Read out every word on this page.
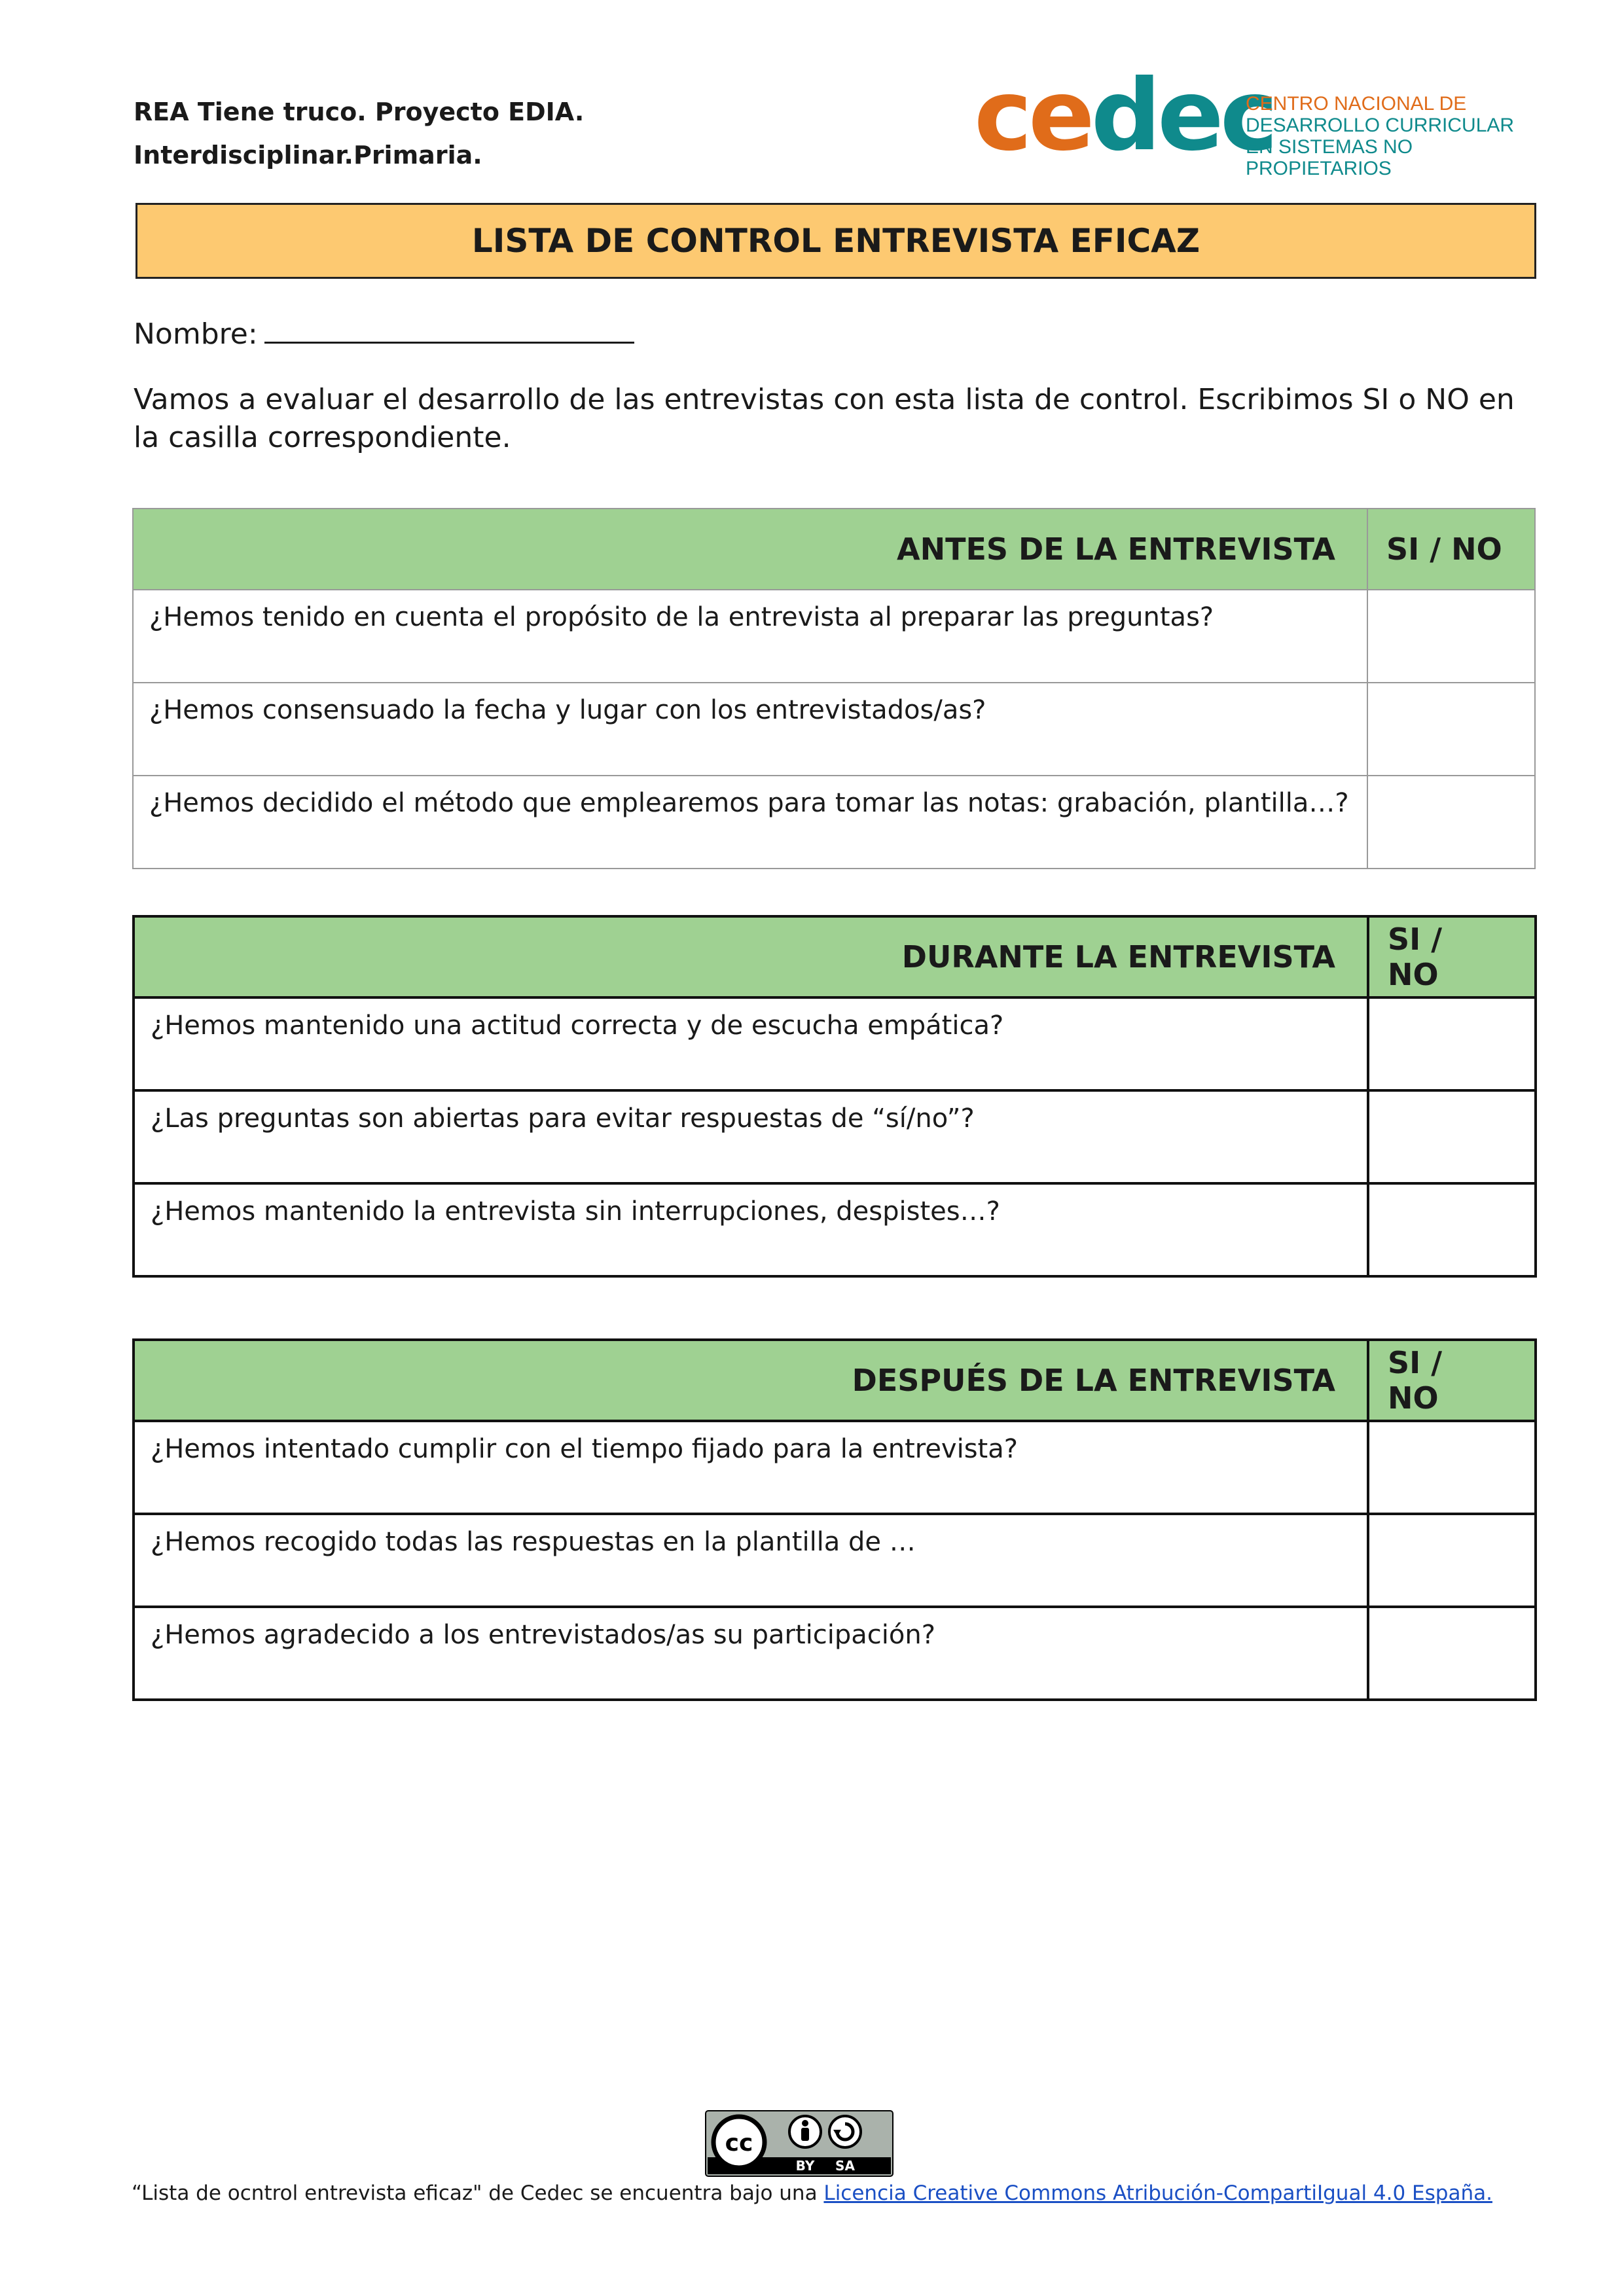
REA Tiene truco. Proyecto EDIA.
Interdisciplinar.Primaria.	cedec
CENTRO NACIONAL DE
DESARROLLO CURRICULAR
EN SISTEMAS NO PROPIETARIOS
LISTA DE CONTROL ENTREVISTA EFICAZ
Nombre:
Vamos a evaluar el desarrollo de las entrevistas con esta lista de control. Escribimos SI o NO en la casilla correspondiente.
ANTES DE LA ENTREVISTA	SI / NO
¿Hemos tenido en cuenta el propósito de la entrevista al preparar las preguntas?	
¿Hemos consensuado la fecha y lugar con los entrevistados/as?	
¿Hemos decidido el método que emplearemos para tomar las notas: grabación, plantilla…?	
DURANTE LA ENTREVISTA	SI / NO
¿Hemos mantenido una actitud correcta y de escucha empática?	
¿Las preguntas son abiertas para evitar respuestas de “sí/no”?	
¿Hemos mantenido la entrevista sin interrupciones, despistes…?	
DESPUÉS DE LA ENTREVISTA	SI / NO
¿Hemos intentado cumplir con el tiempo fijado para la entrevista?	
¿Hemos recogido todas las respuestas en la plantilla de …	
¿Hemos agradecido a los entrevistados/as su participación?	
cc
BY SA
“Lista de ocntrol entrevista eficaz" de Cedec se encuentra bajo una Licencia Creative Commons Atribución-CompartiIgual 4.0 España.
